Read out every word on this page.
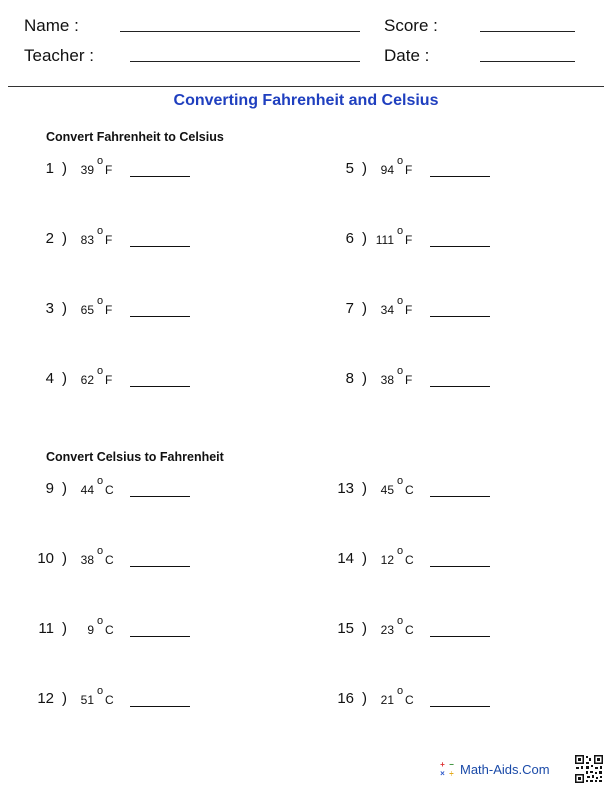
Name :	Score :
Teacher :	Date :
Converting Fahrenheit and Celsius
Convert Fahrenheit to Celsius
1 )	39
o
F
2 )	83
o
F
3 )	65
o
F
4 )	62
o
F
5 )	94
o
F
6 ) 111
o
F
7 )	34
o
F
8 )	38
o
F
Convert Celsius to Fahrenheit
9 )	44
o
C
10 )	38
o
C
11 )	9
o
C
12 )	51
o
C
13 )	45
o
C
14 )	12
o
C
15 )	23
o
C
16 )	21
o
C
+ −
× ÷ Math-Aids.Com
